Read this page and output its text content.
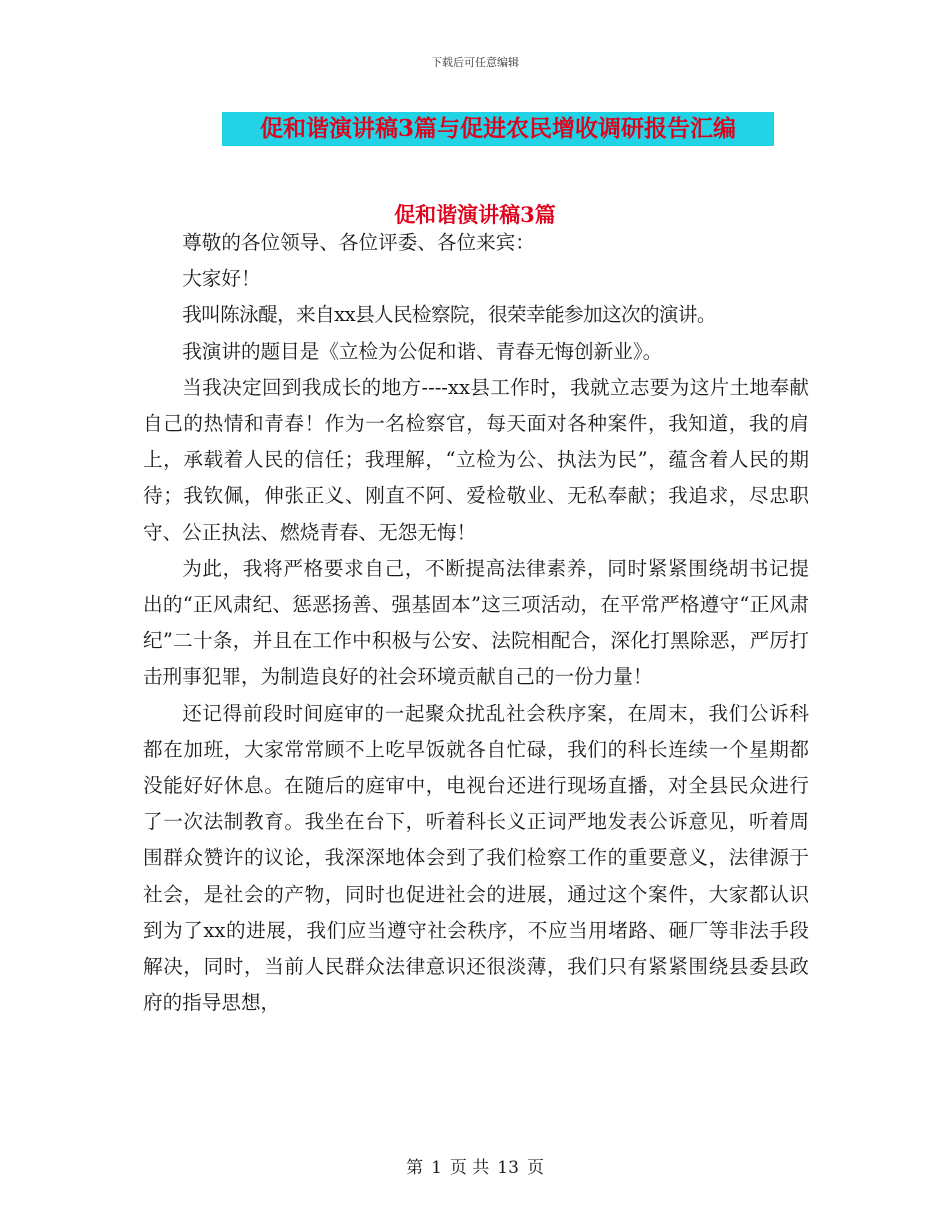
下载后可任意编辑
促和谐演讲稿3篇与促进农民增收调研报告汇编
促和谐演讲稿3篇

尊敬的各位领导、各位评委、各位来宾：

大家好！

我叫陈泳醍，来自xx县人民检察院，很荣幸能参加这次的演讲。

我演讲的题目是《立检为公促和谐、青春无悔创新业》。

当我决定回到我成长的地方----xx县工作时，我就立志要为这片土地奉献自己的热情和青春！作为一名检察官，每天面对各种案件，我知道，我的肩上，承载着人民的信任；我理解，“立检为公、执法为民”，蕴含着人民的期待；我钦佩，伸张正义、刚直不阿、爱检敬业、无私奉献；我追求，尽忠职守、公正执法、燃烧青春、无怨无悔！

为此，我将严格要求自己，不断提高法律素养，同时紧紧围绕胡书记提出的“正风肃纪、惩恶扬善、强基固本”这三项活动，在平常严格遵守“正风肃纪”二十条，并且在工作中积极与公安、法院相配合，深化打黑除恶，严厉打击刑事犯罪，为制造良好的社会环境贡献自己的一份力量！

还记得前段时间庭审的一起聚众扰乱社会秩序案，在周末，我们公诉科都在加班，大家常常顾不上吃早饭就各自忙碌，我们的科长连续一个星期都没能好好休息。在随后的庭审中，电视台还进行现场直播，对全县民众进行了一次法制教育。我坐在台下，听着科长义正词严地发表公诉意见，听着周围群众赞许的议论，我深深地体会到了我们检察工作的重要意义，法律源于社会，是社会的产物，同时也促进社会的进展，通过这个案件，大家都认识到为了xx的进展，我们应当遵守社会秩序，不应当用堵路、砸厂等非法手段解决，同时，当前人民群众法律意识还很淡薄，我们只有紧紧围绕县委县政府的指导思想，

第 1 页 共 13 页
